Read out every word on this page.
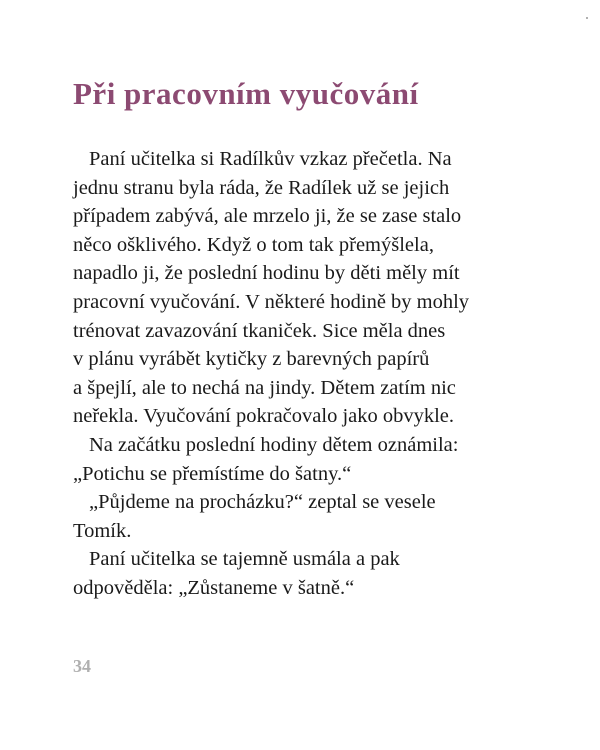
Při pracovním vyučování
Paní učitelka si Radílkův vzkaz přečetla. Na
jednu stranu byla ráda, že Radílek už se jejich
případem zabývá, ale mrzelo ji, že se zase stalo
něco ošklivého. Když o tom tak přemýšlela,
napadlo ji, že poslední hodinu by děti měly mít
pracovní vyučování. V některé hodině by mohly
trénovat zavazování tkaniček. Sice měla dnes
v plánu vyrábět kytičky z barevných papírů
a špejlí, ale to nechá na jindy. Dětem zatím nic
neřekla. Vyučování pokračovalo jako obvykle.
Na začátku poslední hodiny dětem oznámila:
„Potichu se přemístíme do šatny.“
„Půjdeme na procházku?“ zeptal se vesele
Tomík.
Paní učitelka se tajemně usmála a pak
odpověděla: „Zůstaneme v šatně.“
34
